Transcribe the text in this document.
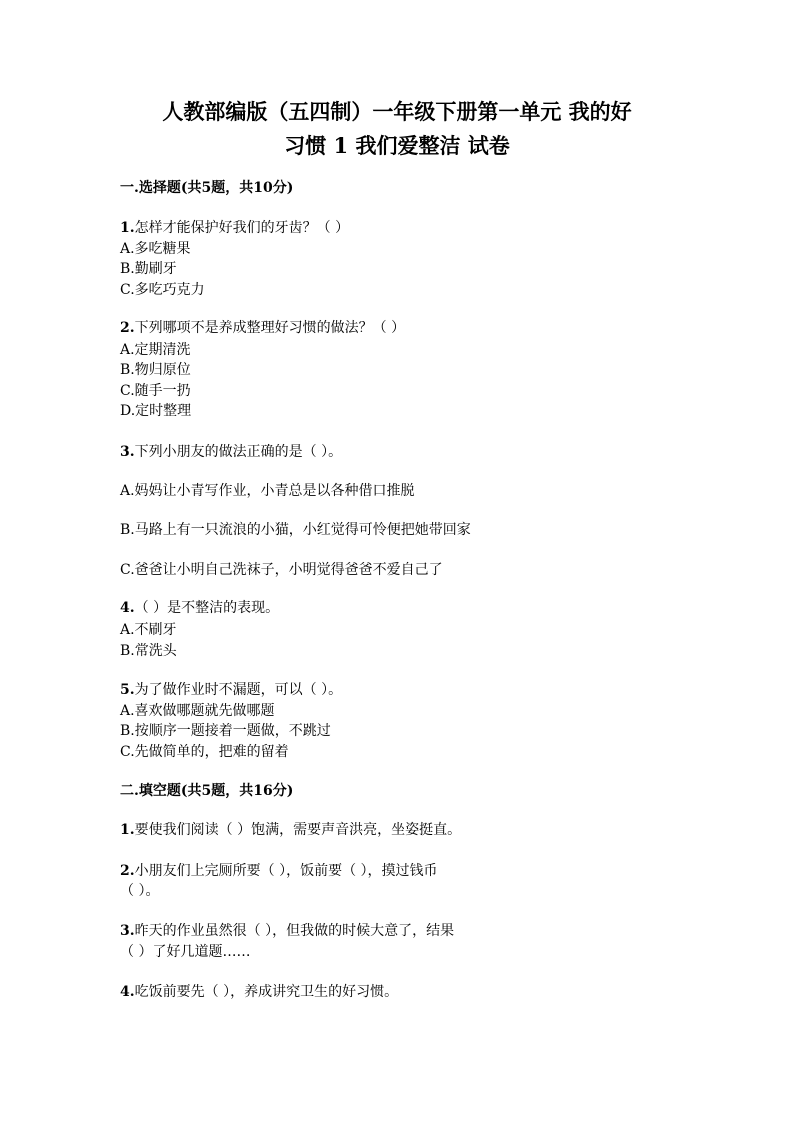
人教部编版（五四制）一年级下册第一单元 我的好
习惯 1 我们爱整洁 试卷
一.选择题(共5题，共10分)
1.怎样才能保护好我们的牙齿？（ ）
A.多吃糖果
B.勤刷牙
C.多吃巧克力
2.下列哪项不是养成整理好习惯的做法？（ ）
A.定期清洗
B.物归原位
C.随手一扔
D.定时整理
3.下列小朋友的做法正确的是（ ）。
A.妈妈让小青写作业，小青总是以各种借口推脱
B.马路上有一只流浪的小猫，小红觉得可怜便把她带回家
C.爸爸让小明自己洗袜子，小明觉得爸爸不爱自己了
4.（ ）是不整洁的表现。
A.不刷牙
B.常洗头
5.为了做作业时不漏题，可以（ ）。
A.喜欢做哪题就先做哪题
B.按顺序一题接着一题做，不跳过
C.先做简单的，把难的留着
二.填空题(共5题，共16分)
1.要使我们阅读（ ）饱满，需要声音洪亮，坐姿挺直。
2.小朋友们上完厕所要（ ），饭前要（ ），摸过钱币
（ ）。
3.昨天的作业虽然很（ ），但我做的时候大意了，结果
（ ）了好几道题……
4.吃饭前要先（ ），养成讲究卫生的好习惯。
